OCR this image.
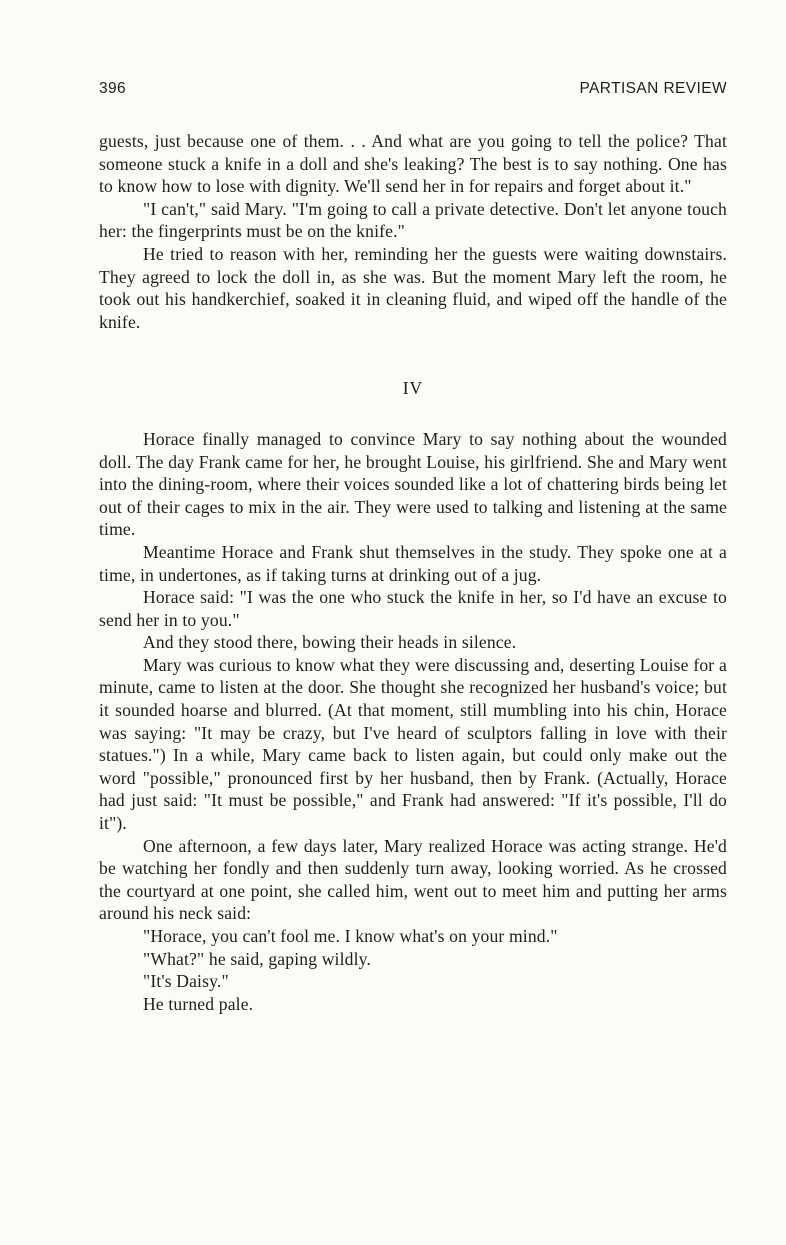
396	PARTISAN REVIEW

guests, just because one of them. . . And what are you going to tell the police? That someone stuck a knife in a doll and she's leaking? The best is to say nothing. One has to know how to lose with dignity. We'll send her in for repairs and forget about it."

"I can't," said Mary. "I'm going to call a private detective. Don't let anyone touch her: the fingerprints must be on the knife."

He tried to reason with her, reminding her the guests were waiting downstairs. They agreed to lock the doll in, as she was. But the moment Mary left the room, he took out his handkerchief, soaked it in cleaning fluid, and wiped off the handle of the knife.

IV

Horace finally managed to convince Mary to say nothing about the wounded doll. The day Frank came for her, he brought Louise, his girlfriend. She and Mary went into the dining-room, where their voices sounded like a lot of chattering birds being let out of their cages to mix in the air. They were used to talking and listening at the same time.

Meantime Horace and Frank shut themselves in the study. They spoke one at a time, in undertones, as if taking turns at drinking out of a jug.

Horace said: "I was the one who stuck the knife in her, so I'd have an excuse to send her in to you."

And they stood there, bowing their heads in silence.

Mary was curious to know what they were discussing and, deserting Louise for a minute, came to listen at the door. She thought she recognized her husband's voice; but it sounded hoarse and blurred. (At that moment, still mumbling into his chin, Horace was saying: "It may be crazy, but I've heard of sculptors falling in love with their statues.") In a while, Mary came back to listen again, but could only make out the word "possible," pronounced first by her husband, then by Frank. (Actually, Horace had just said: "It must be possible," and Frank had answered: "If it's possible, I'll do it").

One afternoon, a few days later, Mary realized Horace was acting strange. He'd be watching her fondly and then suddenly turn away, looking worried. As he crossed the courtyard at one point, she called him, went out to meet him and putting her arms around his neck said:

"Horace, you can't fool me. I know what's on your mind."

"What?" he said, gaping wildly.

"It's Daisy."

He turned pale.
